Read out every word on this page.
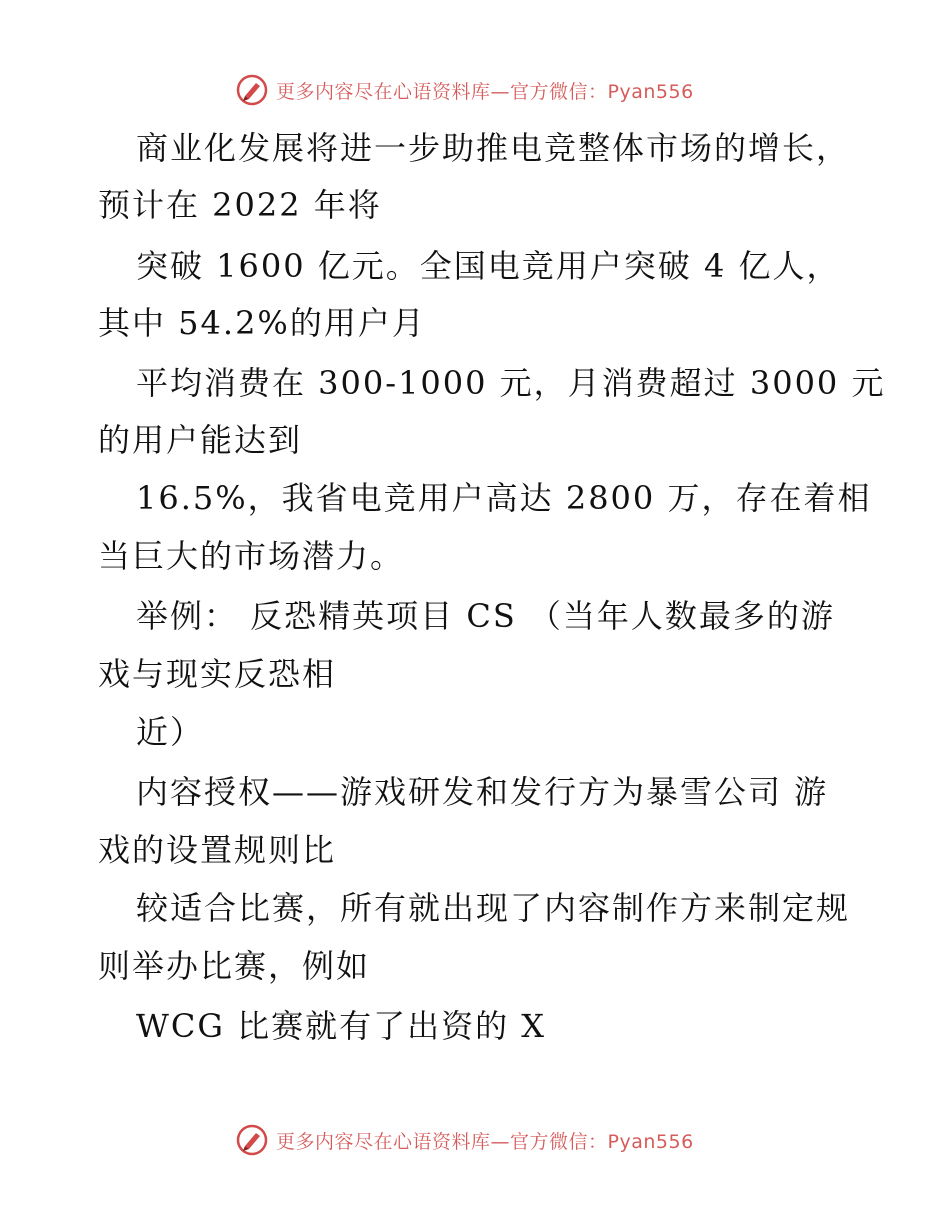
更多内容尽在心语资料库—官方微信：Pyan556
商业化发展将进一步助推电竞整体市场的增长，
预计在 2022 年将
突破 1600 亿元。全国电竞用户突破 4 亿人，
其中 54.2%的用户月
平均消费在 300-1000 元，月消费超过 3000 元
的用户能达到
16.5%，我省电竞用户高达 2800 万，存在着相
当巨大的市场潜力。
举例： 反恐精英项目 CS （当年人数最多的游
戏与现实反恐相
近）
内容授权——游戏研发和发行方为暴雪公司 游
戏的设置规则比
较适合比赛，所有就出现了内容制作方来制定规
则举办比赛，例如
WCG 比赛就有了出资的 X
更多内容尽在心语资料库—官方微信：Pyan556
